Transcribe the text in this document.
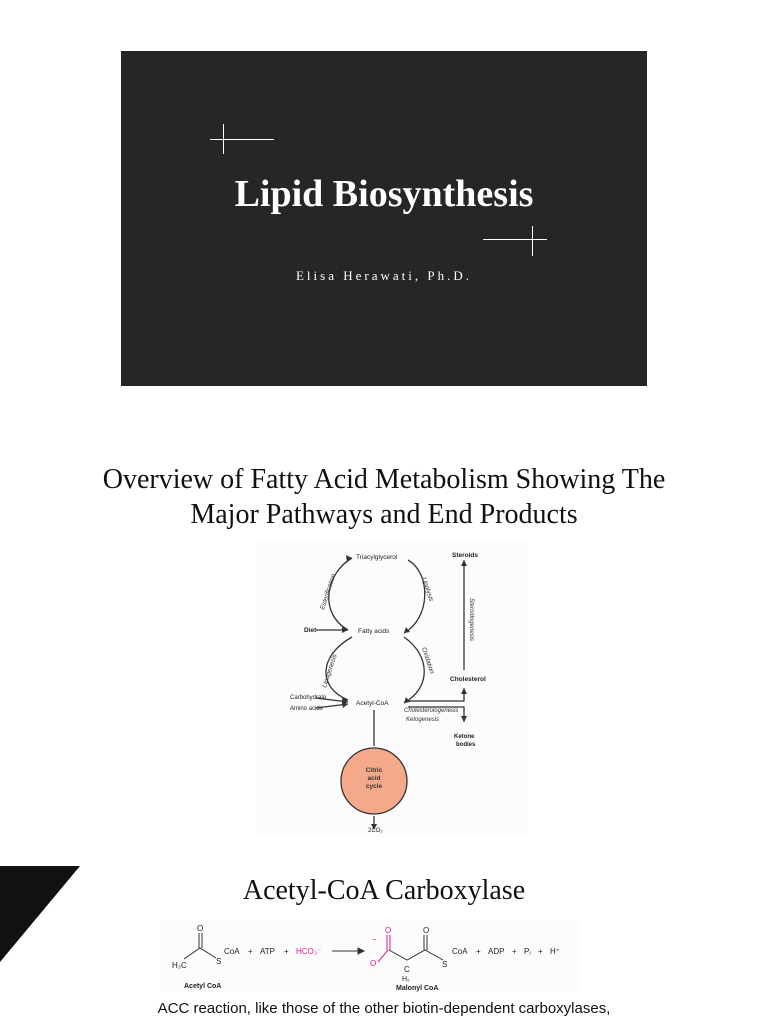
Lipid Biosynthesis
Elisa Herawati, Ph.D.
Overview of Fatty Acid Metabolism Showing The
Major Pathways and End Products
Triacylglycerol	Steroids
Esterification	Lipolysis
Steroidogenesis
Diet	Fatty acids
Lipogenesis	Oxidation
Cholesterol
Carbohydrate
Amino acids
Acetyl-CoA
Cholesterologenesis
Ketogenesis
Ketone
bodies
Citric
acid
cycle
2CO₂
Acetyl-CoA Carboxylase
H₃C
O
S
CoA + ATP + HCO₃⁻
−
O
O
O
C
H₂
S
CoA + ADP + Pᵢ + H⁺
Acetyl CoA	Malonyl CoA
ACC reaction, like those of the other biotin-dependent carboxylases,
